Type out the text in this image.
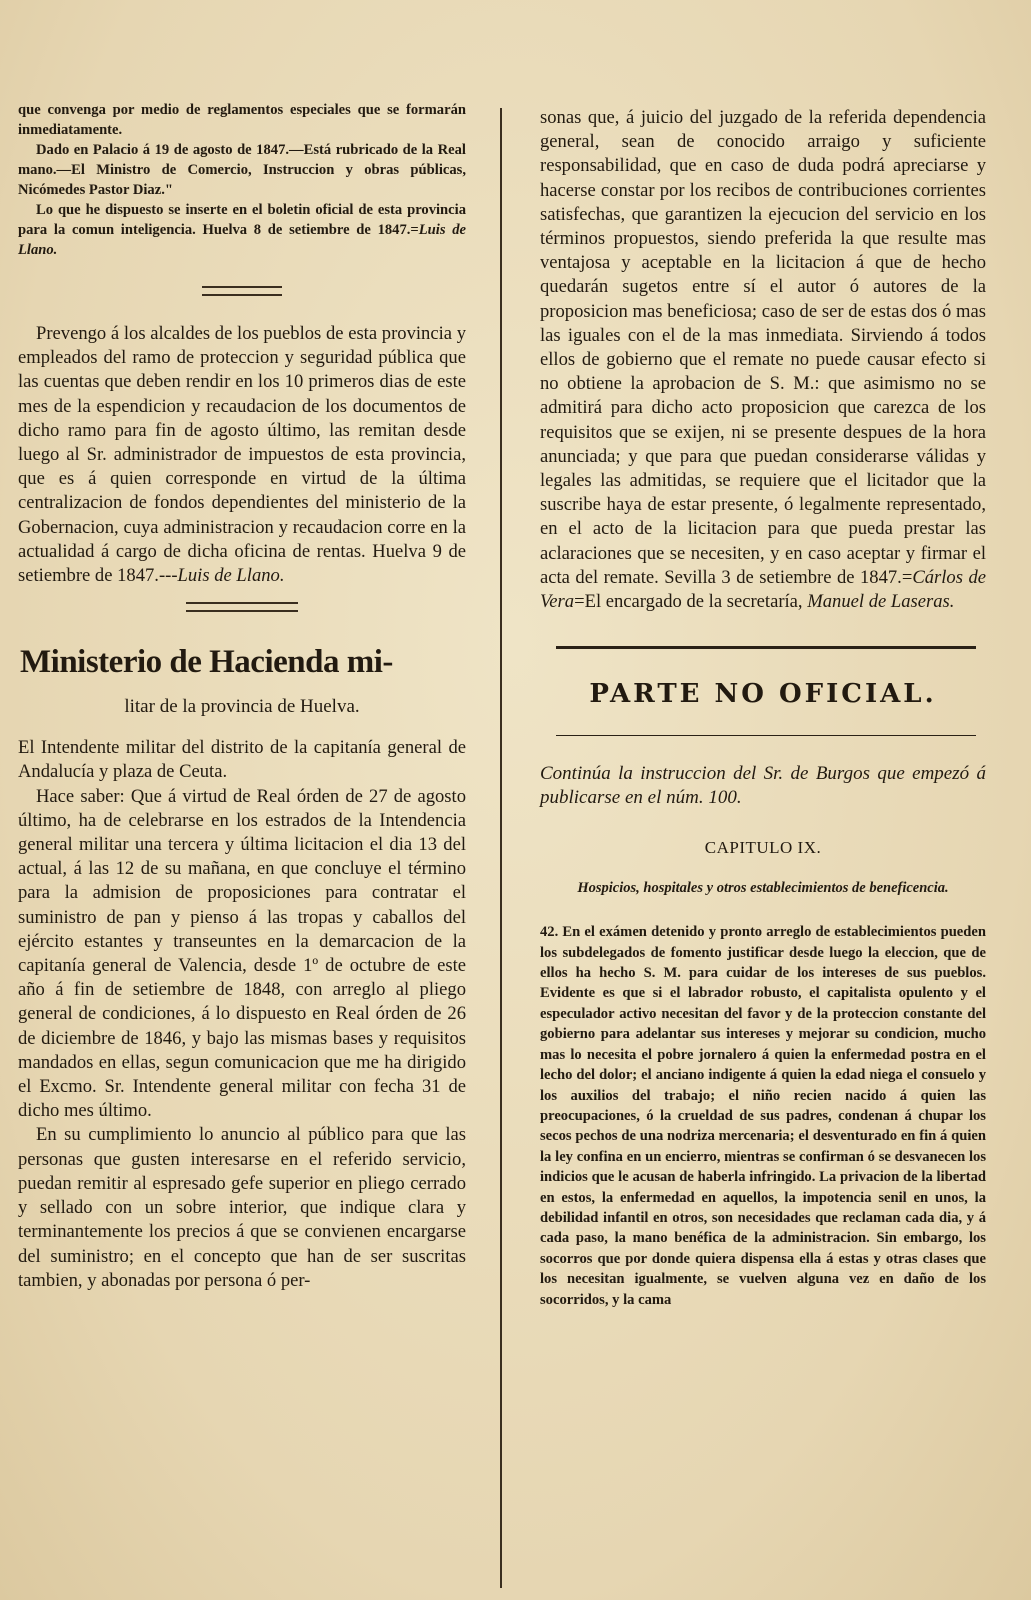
que convenga por medio de reglamentos especiales que se formarán inmediatamente.

Dado en Palacio á 19 de agosto de 1847.—Está rubricado de la Real mano.—El Ministro de Comercio, Instruccion y obras públicas, Nicómedes Pastor Diaz."

Lo que he dispuesto se inserte en el boletin oficial de esta provincia para la comun inteligencia. Huelva 8 de setiembre de 1847.=Luis de Llano.

Prevengo á los alcaldes de los pueblos de esta provincia y empleados del ramo de proteccion y seguridad pública que las cuentas que deben rendir en los 10 primeros dias de este mes de la espendicion y recaudacion de los documentos de dicho ramo para fin de agosto último, las remitan desde luego al Sr. administrador de impuestos de esta provincia, que es á quien corresponde en virtud de la última centralizacion de fondos dependientes del ministerio de la Gobernacion, cuya administracion y recaudacion corre en la actualidad á cargo de dicha oficina de rentas. Huelva 9 de setiembre de 1847.---Luis de Llano.

Ministerio de Hacienda mi-
litar de la provincia de Huelva.

El Intendente militar del distrito de la capitanía general de Andalucía y plaza de Ceuta.

Hace saber: Que á virtud de Real órden de 27 de agosto último, ha de celebrarse en los estrados de la Intendencia general militar una tercera y última licitacion el dia 13 del actual, á las 12 de su mañana, en que concluye el término para la admision de proposiciones para contratar el suministro de pan y pienso á las tropas y caballos del ejército estantes y transeuntes en la demarcacion de la capitanía general de Valencia, desde 1º de octubre de este año á fin de setiembre de 1848, con arreglo al pliego general de condiciones, á lo dispuesto en Real órden de 26 de diciembre de 1846, y bajo las mismas bases y requisitos mandados en ellas, segun comunicacion que me ha dirigido el Excmo. Sr. Intendente general militar con fecha 31 de dicho mes último.

En su cumplimiento lo anuncio al público para que las personas que gusten interesarse en el referido servicio, puedan remitir al espresado gefe superior en pliego cerrado y sellado con un sobre interior, que indique clara y terminantemente los precios á que se convienen encargarse del suministro; en el concepto que han de ser suscritas tambien, y abonadas por persona ó per-

sonas que, á juicio del juzgado de la referida dependencia general, sean de conocido arraigo y suficiente responsabilidad, que en caso de duda podrá apreciarse y hacerse constar por los recibos de contribuciones corrientes satisfechas, que garantizen la ejecucion del servicio en los términos propuestos, siendo preferida la que resulte mas ventajosa y aceptable en la licitacion á que de hecho quedarán sugetos entre sí el autor ó autores de la proposicion mas beneficiosa; caso de ser de estas dos ó mas las iguales con el de la mas inmediata. Sirviendo á todos ellos de gobierno que el remate no puede causar efecto si no obtiene la aprobacion de S. M.: que asimismo no se admitirá para dicho acto proposicion que carezca de los requisitos que se exijen, ni se presente despues de la hora anunciada; y que para que puedan considerarse válidas y legales las admitidas, se requiere que el licitador que la suscribe haya de estar presente, ó legalmente representado, en el acto de la licitacion para que pueda prestar las aclaraciones que se necesiten, y en caso aceptar y firmar el acta del remate. Sevilla 3 de setiembre de 1847.=Cárlos de Vera=El encargado de la secretaría, Manuel de Laseras.

PARTE NO OFICIAL.

Continúa la instruccion del Sr. de Burgos que empezó á publicarse en el núm. 100.

CAPITULO IX.
Hospicios, hospitales y otros establecimientos de beneficencia.

42. En el exámen detenido y pronto arreglo de establecimientos pueden los subdelegados de fomento justificar desde luego la eleccion, que de ellos ha hecho S. M. para cuidar de los intereses de sus pueblos. Evidente es que si el labrador robusto, el capitalista opulento y el especulador activo necesitan del favor y de la proteccion constante del gobierno para adelantar sus intereses y mejorar su condicion, mucho mas lo necesita el pobre jornalero á quien la enfermedad postra en el lecho del dolor; el anciano indigente á quien la edad niega el consuelo y los auxilios del trabajo; el niño recien nacido á quien las preocupaciones, ó la crueldad de sus padres, condenan á chupar los secos pechos de una nodriza mercenaria; el desventurado en fin á quien la ley confina en un encierro, mientras se confirman ó se desvanecen los indicios que le acusan de haberla infringido. La privacion de la libertad en estos, la enfermedad en aquellos, la impotencia senil en unos, la debilidad infantil en otros, son necesidades que reclaman cada dia, y á cada paso, la mano benéfica de la administracion. Sin embargo, los socorros que por donde quiera dispensa ella á estas y otras clases que los necesitan igualmente, se vuelven alguna vez en daño de los socorridos, y la cama
